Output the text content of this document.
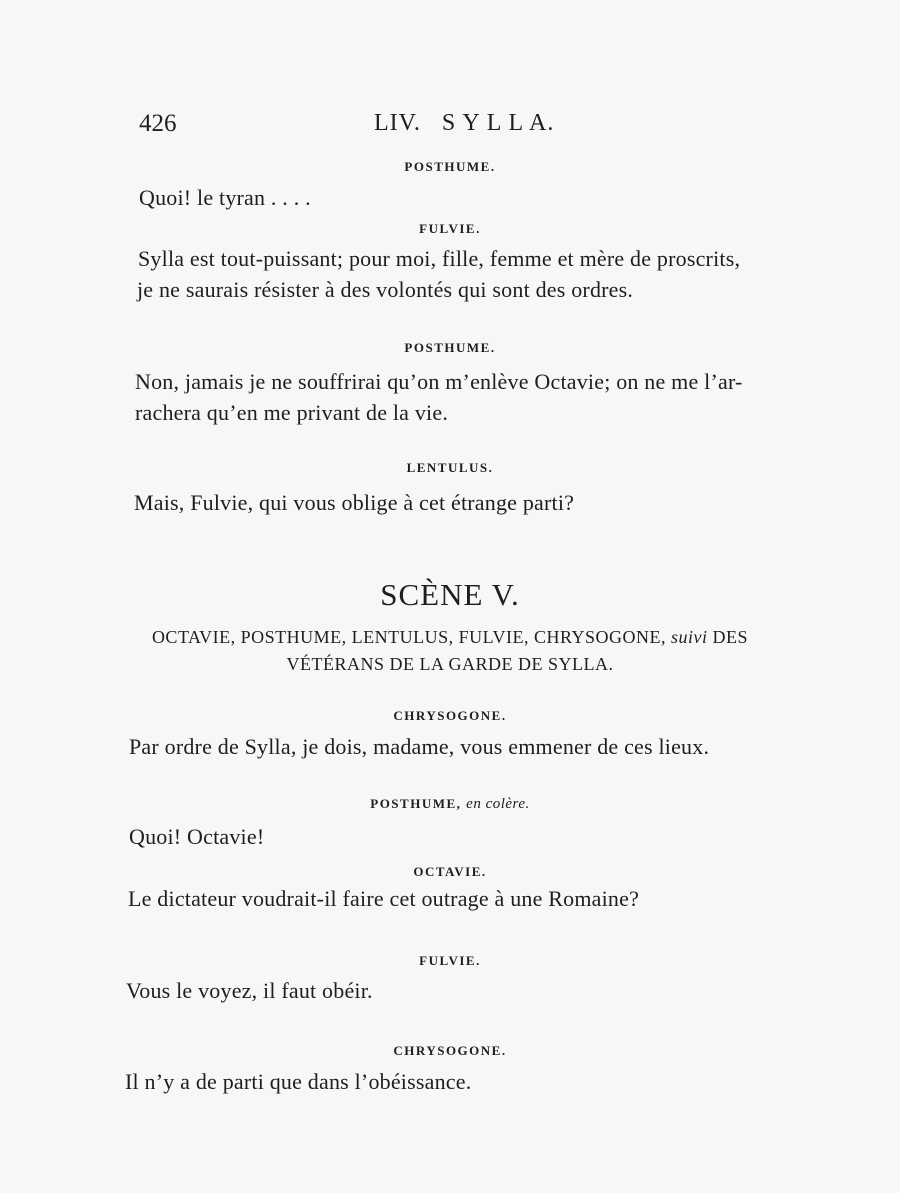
426	LIV. S Y L L A.
POSTHUME.
Quoi! le tyran . . . .
FULVIE.
Sylla est tout-puissant; pour moi, fille, femme et mère de proscrits,
je ne saurais résister à des volontés qui sont des ordres.
POSTHUME.
Non, jamais je ne souffrirai qu’on m’enlève Octavie; on ne me l’ar-
rachera qu’en me privant de la vie.
LENTULUS.
Mais, Fulvie, qui vous oblige à cet étrange parti?
SCÈNE V.
OCTAVIE, POSTHUME, LENTULUS, FULVIE, CHRYSOGONE, suivi DES
VÉTÉRANS DE LA GARDE DE SYLLA.
CHRYSOGONE.
Par ordre de Sylla, je dois, madame, vous emmener de ces lieux.
POSTHUME, en colère.
Quoi! Octavie!
OCTAVIE.
Le dictateur voudrait-il faire cet outrage à une Romaine?
FULVIE.
Vous le voyez, il faut obéir.
CHRYSOGONE.
Il n’y a de parti que dans l’obéissance.
